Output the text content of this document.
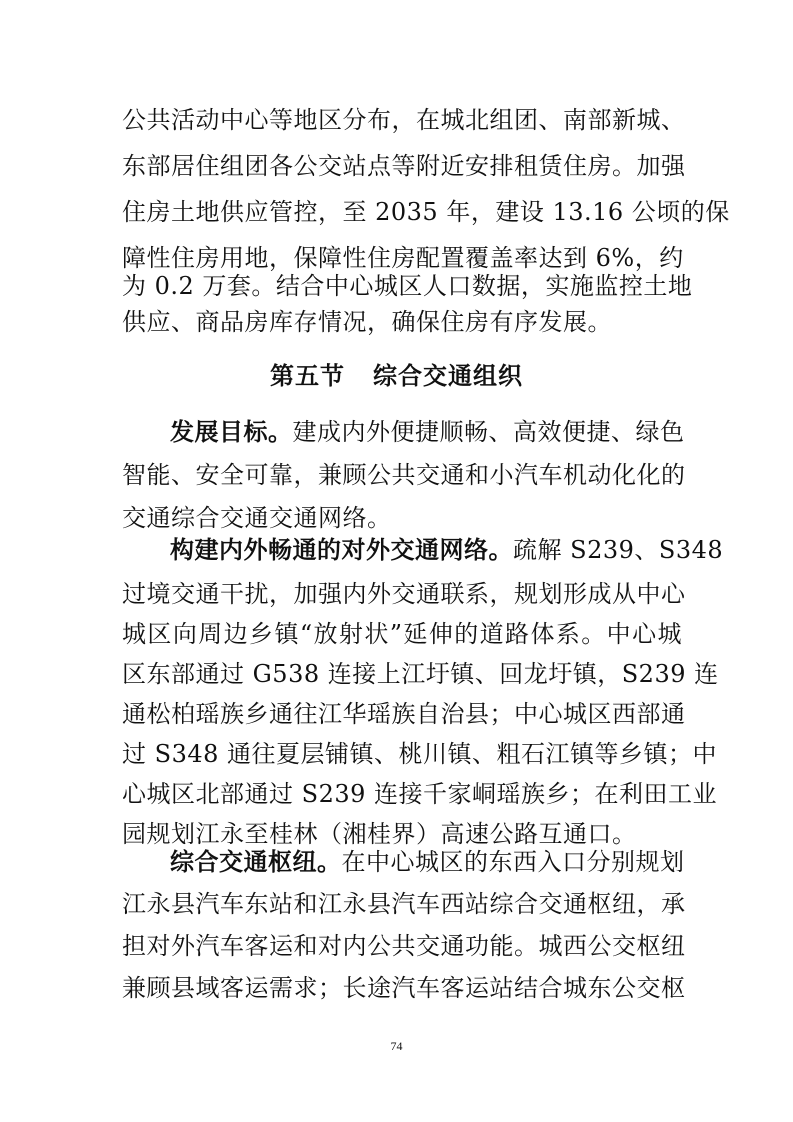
公共活动中心等地区分布，在城北组团、南部新城、
东部居住组团各公交站点等附近安排租赁住房。加强
住房土地供应管控，至 2035 年，建设 13.16 公顷的保
障性住房用地，保障性住房配置覆盖率达到 6%，约
为 0.2 万套。结合中心城区人口数据，实施监控土地
供应、商品房库存情况，确保住房有序发展。
第五节 综合交通组织
发展目标。建成内外便捷顺畅、高效便捷、绿色
智能、安全可靠，兼顾公共交通和小汽车机动化化的
交通综合交通交通网络。
构建内外畅通的对外交通网络。疏解 S239、S348
过境交通干扰，加强内外交通联系，规划形成从中心
城区向周边乡镇“放射状”延伸的道路体系。中心城
区东部通过 G538 连接上江圩镇、回龙圩镇，S239 连
通松柏瑶族乡通往江华瑶族自治县；中心城区西部通
过 S348 通往夏层铺镇、桃川镇、粗石江镇等乡镇；中
心城区北部通过 S239 连接千家峒瑶族乡；在利田工业
园规划江永至桂林（湘桂界）高速公路互通口。
综合交通枢纽。在中心城区的东西入口分别规划
江永县汽车东站和江永县汽车西站综合交通枢纽，承
担对外汽车客运和对内公共交通功能。城西公交枢纽
兼顾县域客运需求；长途汽车客运站结合城东公交枢
74
